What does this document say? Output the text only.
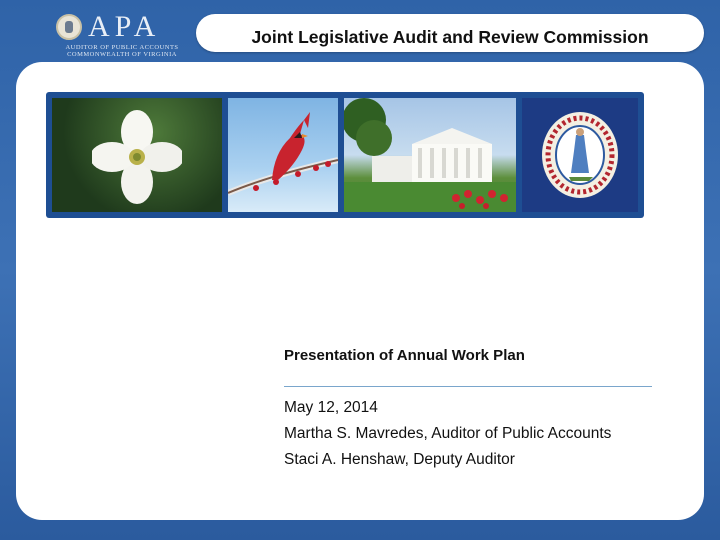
APA
AUDITOR OF PUBLIC ACCOUNTS
COMMONWEALTH OF VIRGINIA
Joint Legislative Audit and Review Commission
Presentation of Annual Work Plan
May 12, 2014
Martha S. Mavredes, Auditor of Public Accounts
Staci A. Henshaw, Deputy Auditor
